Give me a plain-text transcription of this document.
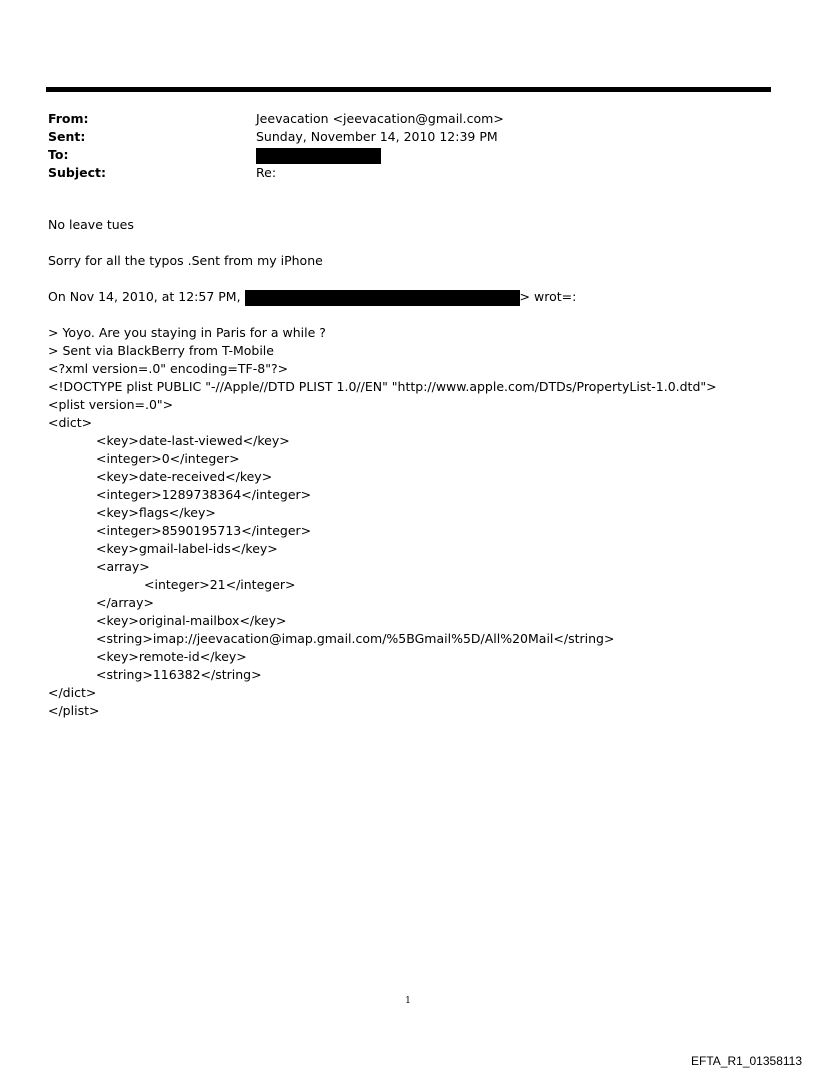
From:	Jeevacation <jeevacation@gmail.com>
Sent:	Sunday, November 14, 2010 12:39 PM
To:
Subject:	Re:

No leave tues

Sorry for all the typos .Sent from my iPhone

On Nov 14, 2010, at 12:57 PM,	> wrot=:

> Yoyo. Are you staying in Paris for a while ?

> Sent via BlackBerry from T-Mobile

<?xml version=.0" encoding=TF-8"?>

<!DOCTYPE plist PUBLIC "-//Apple//DTD PLIST 1.0//EN" "http://www.apple.com/DTDs/PropertyList-1.0.dtd">

<plist version=.0">

<dict>

<key>date-last-viewed</key>

<integer>0</integer>

<key>date-received</key>

<integer>1289738364</integer>

<key>flags</key>

<integer>8590195713</integer>

<key>gmail-label-ids</key>

<array>

<integer>21</integer>

</array>

<key>original-mailbox</key>

<string>imap://jeevacation@imap.gmail.com/%5BGmail%5D/All%20Mail</string>

<key>remote-id</key>

<string>116382</string>

</dict>

</plist>

1
EFTA_R1_01358113
